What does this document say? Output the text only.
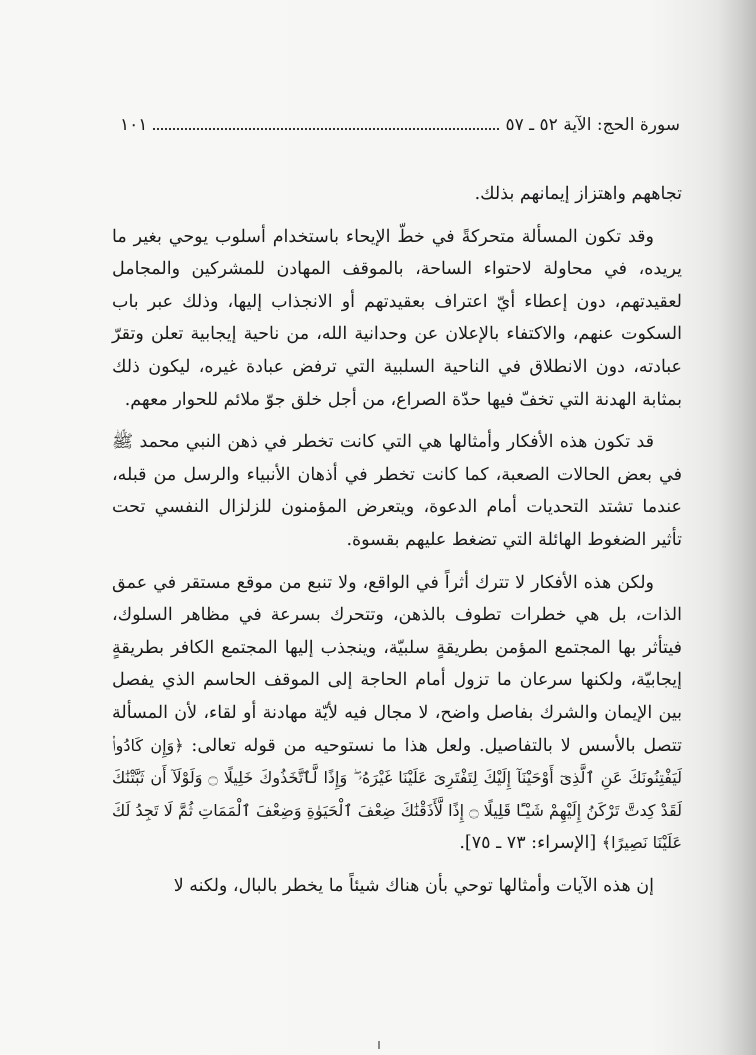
سورة الحج: الآية ٥٢ ـ ٥٧
١٠١

تجاههم واهتزاز إيمانهم بذلك.

وقد تكون المسألة متحركةً في خطّ الإيحاء باستخدام أسلوب يوحي بغير ما يريده، في محاولة لاحتواء الساحة، بالموقف المهادن للمشركين والمجامل لعقيدتهم، دون إعطاء أيّ اعتراف بعقيدتهم أو الانجذاب إليها، وذلك عبر باب السكوت عنهم، والاكتفاء بالإعلان عن وحدانية الله، من ناحية إيجابية تعلن وتقرّ عبادته، دون الانطلاق في الناحية السلبية التي ترفض عبادة غيره، ليكون ذلك بمثابة الهدنة التي تخفّ فيها حدّة الصراع، من أجل خلق جوّ ملائم للحوار معهم.

قد تكون هذه الأفكار وأمثالها هي التي كانت تخطر في ذهن النبي محمد ﷺ في بعض الحالات الصعبة، كما كانت تخطر في أذهان الأنبياء والرسل من قبله، عندما تشتد التحديات أمام الدعوة، ويتعرض المؤمنون للزلزال النفسي تحت تأثير الضغوط الهائلة التي تضغط عليهم بقسوة.

ولكن هذه الأفكار لا تترك أثراً في الواقع، ولا تنبع من موقع مستقر في عمق الذات، بل هي خطرات تطوف بالذهن، وتتحرك بسرعة في مظاهر السلوك، فيتأثر بها المجتمع المؤمن بطريقةٍ سلبيّة، وينجذب إليها المجتمع الكافر بطريقةٍ إيجابيّة، ولكنها سرعان ما تزول أمام الحاجة إلى الموقف الحاسم الذي يفصل بين الإيمان والشرك بفاصل واضح، لا مجال فيه لأيّة مهادنة أو لقاء، لأن المسألة تتصل بالأسس لا بالتفاصيل. ولعل هذا ما نستوحيه من قوله تعالى: ﴿وَإِن كَادُوا۟ لَيَفْتِنُونَكَ عَنِ ٱلَّذِىٓ أَوْحَيْنَآ إِلَيْكَ لِتَفْتَرِىَ عَلَيْنَا غَيْرَهُۥ ۖ وَإِذًا لَّٱتَّخَذُوكَ خَلِيلًا ۝ وَلَوْلَآ أَن ثَبَّتْنَٰكَ لَقَدْ كِدتَّ تَرْكَنُ إِلَيْهِمْ شَيْـًٔا قَلِيلًا ۝ إِذًا لَّأَذَقْنَٰكَ ضِعْفَ ٱلْحَيَوٰةِ وَضِعْفَ ٱلْمَمَاتِ ثُمَّ لَا تَجِدُ لَكَ عَلَيْنَا نَصِيرًا﴾ [الإسراء: ٧٣ ـ ٧٥].

إن هذه الآيات وأمثالها توحي بأن هناك شيئاً ما يخطر بالبال، ولكنه لا
